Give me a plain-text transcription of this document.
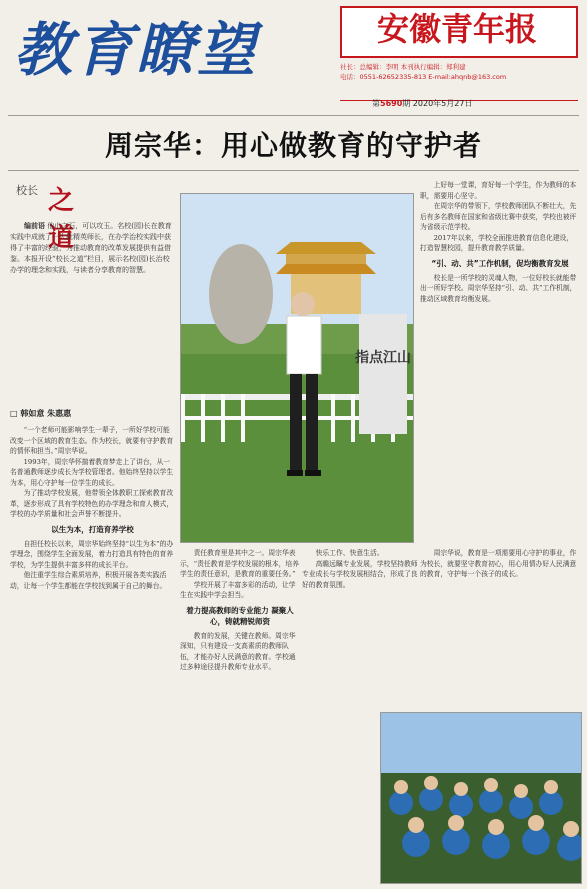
教育瞭望	安徽青年报
社长：总编辑：李明 本刊执行编辑：郑利建
电话：0551-62652335-813 E-mail:ahqnb@163.com
第5690期 2020年5月27日
周宗华：用心做教育的守护者
校长 之道
编前语 他山之石，可以攻玉。名校(园)长在教育实践中成就了一大批精英师长，在办学治校实践中获得了丰富的经验，为推动教育的改革发展提供有益借鉴。本报开设“校长之道”栏目，展示名校(园)长治校办学的理念和实践，与读者分享教育的智慧。
□ 韩如意 朱惠惠

“一个老师可能影响学生一辈子，一所好学校可能改变一个区域的教育生态。作为校长，就要有守护教育的情怀和担当。”周宗华说。

1993年，周宗华怀揣着教育梦走上了讲台，从一名普通教师逐步成长为学校管理者。他始终坚持以学生为本，用心守护每一位学生的成长。

为了推动学校发展，他带领全体教职工探索教育改革，逐步形成了具有学校特色的办学理念和育人模式，学校的办学质量和社会声誉不断提升。

以生为本，打造育养学校

自担任校长以来，周宗华始终坚持“以生为本”的办学理念，围绕学生全面发展，着力打造具有特色的育养学校，为学生提供丰富多样的成长平台。

他注重学生综合素质培养，积极开展各类实践活动，让每一个学生都能在学校找到属于自己的舞台。

指点江山

上好每一堂课，育好每一个学生，作为教师的本职，需要用心坚守。

在周宗华的带领下，学校教师团队不断壮大，先后有多名教师在国家和省级比赛中获奖，学校也被评为省级示范学校。

2017年以来，学校全面推进教育信息化建设，打造智慧校园，提升教育教学质量。

“引、动、共”工作机制，促均衡教育发展

校长是一所学校的灵魂人物，一位好校长就能带出一所好学校。周宗华坚持“引、动、共”工作机制，推动区域教育均衡发展。

责任教育里是其中之一。周宗华表示，“责任教育是学校发展的根本，培养学生的责任意识，是教育的重要任务。”

学校开展了丰富多彩的活动，让学生在实践中学会担当。

着力提高教师的专业能力 凝聚人心，铸就精锐师资

教育的发展，关键在教师。周宗华深知，只有建设一支高素质的教师队伍，才能办好人民满意的教育。学校通过多种途径提升教师专业水平。

快乐工作、快意生活。

高瞻远瞩专业发展，学校坚持教师专业成长与学校发展相结合，形成了良好的教育氛围。

周宗华说，教育是一项需要用心守护的事业，作为校长，就要坚守教育初心，用心用情办好人民满意的教育，守护每一个孩子的成长。
